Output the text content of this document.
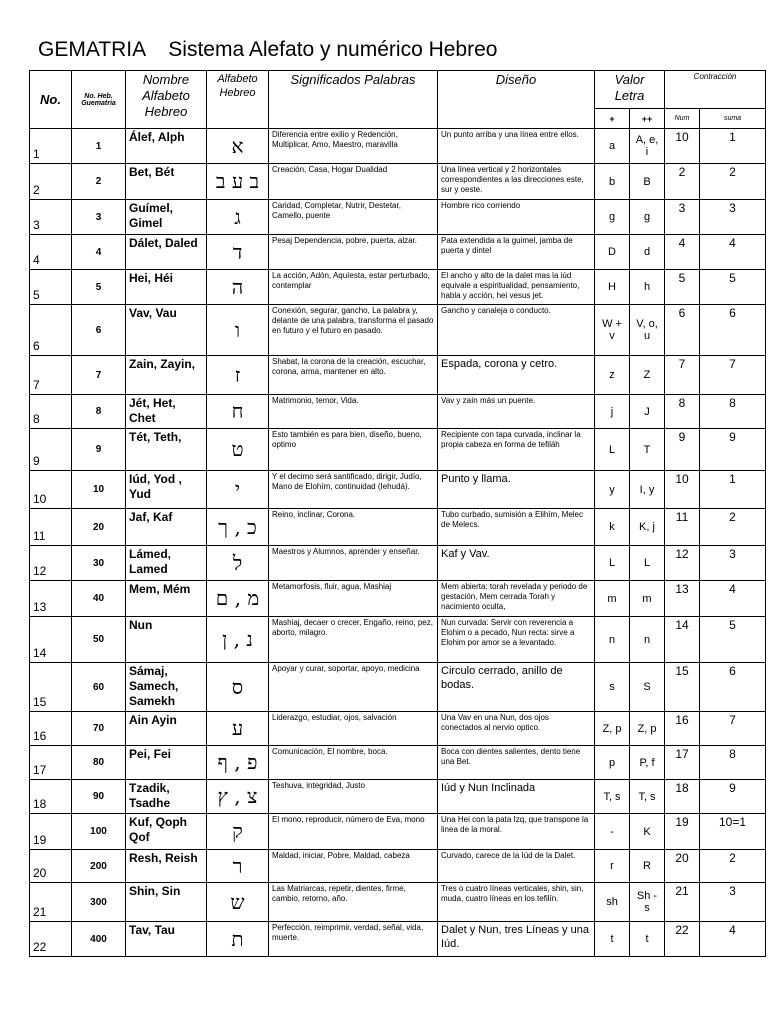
GEMATRIA    Sistema Alefato y numérico Hebreo
No.	No. Heb. Guematria	Nombre Alfabeto Hebreo	Alfabeto Hebreo	Significados Palabras	Diseño	Valor Letra		Contracción	
						+	++	Num	suma
1	1	Álef, Alph	א	Diferencia entre exilio y Redención, Multiplicar, Amo, Maestro, maravilla	Un punto arriba y una línea entre ellos.	a	A, e, i	10	1
2	2	Bet, Bét	ב ע ב	Creación, Casa, Hogar Dualidad	Una línea vertical y 2 horizontales correspondientes a las direcciones este, sur y oeste.	b	B	2	2
3	3	Guímel, Gimel	ג	Caridad, Completar, Nutrir, Destetar, Camello, puente	Hombre rico corriendo	g	g	3	3
4	4	Dálet, Daled	ד	Pesaj Dependencia, pobre, puerta, alzar.	Pata extendida a la guimel, jamba de puerta y dintel	D	d	4	4
5	5	Hei, Héi	ה	La acción, Adón, Aquíesta, estar perturbado, contemplar	El ancho y alto de la dalet mas la iúd equivale a espiritualidad, pensamiento, habla y acción, hei vesus jet.	H	h	5	5
6	6	Vav, Vau	ו	Conexión, segurar, gancho, La palabra y, delante de una palabra, transforma el pasado en futuro y el futuro en pasado.	Gancho y canaleja o conducto.	W + v	V, o, u	6	6
7	7	Zain, Zayin,	ז	Shabat, la corona de la creación, escuchar, corona, arma, mantener en alto.	Espada, corona y cetro.	z	Z	7	7
8	8	Jét, Het, Chet	ח	Matrimonio, temor, Vida.	Vav y zaín más un puente.	j	J	8	8
9	9	Tét, Teth,	ט	Esto también es para bien, diseño, bueno, optimo	Recipiente con tapa curvada, inclinar la propia cabeza en forma de tefiláh	L	T	9	9
10	10	Iúd, Yod , Yud	י	Y el decimo será santificado, dirigir, Judío, Mano de Elohím, continuidad (Iehudá).	Punto y llama.	y	I, y	10	1
11	20	Jaf, Kaf	כ , ך	Reino, inclinar, Corona.	Tubo curbado, sumisión a Elihím, Melec de Melecs.	k	K, j	11	2
12	30	Lámed, Lamed	ל	Maestros y Alumnos, aprender y enseñar.	Kaf y Vav.	L	L	12	3
13	40	Mem, Mém	מ , ם	Metamorfosis, fluir, agua, Mashiaj	Mem abierta: torah revelada y periodo de gestación, Mem cerrada Torah y nacimiento oculta,	m	m	13	4
14	50	Nun	נ , ן	Mashiaj, decaer o crecer, Engaño, reino, pez, aborto, milagro.	Nun curvada: Servir con reverencia a Elohim o a pecado, Nun recta: sirve a Elohim por amor se a levantado.	n	n	14	5
15	60	Sámaj, Samech, Samekh	ס	Apoyar y curar, soportar, apoyo, medicina	Circulo cerrado, anillo de bodas.	s	S	15	6
16	70	Ain Ayin	ע	Liderazgo, estudiar, ojos, salvación	Una Vav en una Nun, dos ojos conectados al nervio optico.	Z, p	Z, p	16	7
17	80	Pei, Fei	פ , ף	Comunicación, El nombre, boca.	Boca con dientes salientes, dento tiene una Bet.	p	P, f	17	8
18	90	Tzadik, Tsadhe	צ , ץ	Teshuva, integridad, Justo	Iúd y Nun Inclinada	T, s	T, s	18	9
19	100	Kuf, Qoph Qof	ק	El mono, reproducir, número de Eva, mono	Una Hei con la pata Izq, que transpone la linea de la moral.	-	K	19	10=1
20	200	Resh, Reish	ר	Maldad, iniciar, Pobre, Maldad, cabeza	Curvado, carece de la Iúd de la Dalet.	r	R	20	2
21	300	Shin, Sin	ש	Las Matriarcas, repetir, dientes, firme, cambio, retorno, año.	Tres o cuatro líneas verticales, shin, sin, muda, cuatro líneas en los tefilín.	sh	Sh - s	21	3
22	400	Tav, Tau	ת	Perfección, reimprimir, verdad, señal, vida, muerte.	Dalet y Nun, tres Líneas y una Iúd.	t	t	22	4
